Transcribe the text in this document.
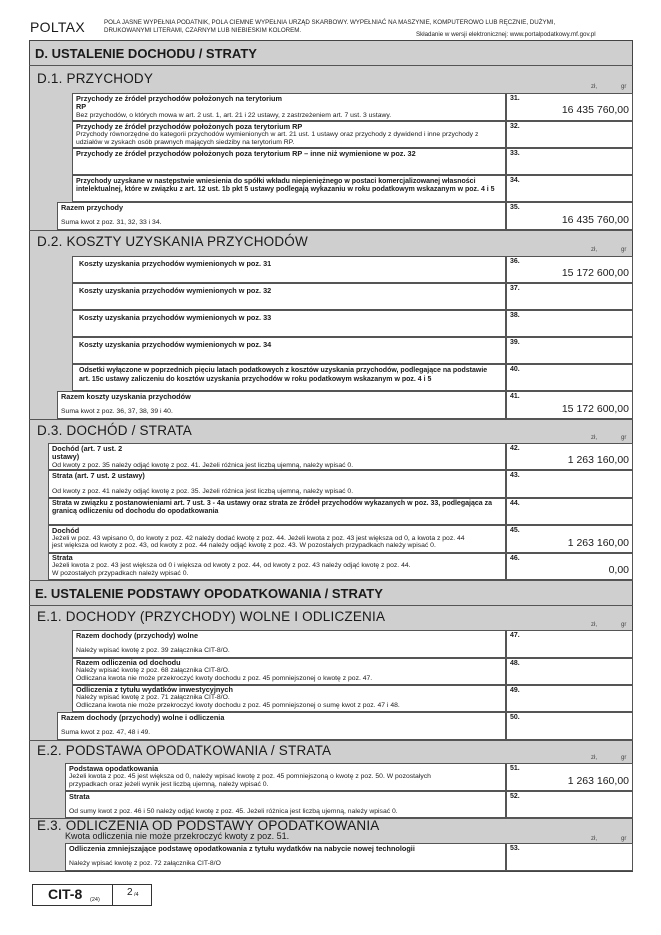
POLTAX	POLA JASNE WYPEŁNIA PODATNIK, POLA CIEMNE WYPEŁNIA URZĄD SKARBOWY. WYPEŁNIAĆ NA MASZYNIE, KOMPUTEROWO LUB RĘCZNIE, DUŻYMI,
DRUKOWANYMI LITERAMI, CZARNYM LUB NIEBIESKIM KOLOREM.
Składanie w wersji elektronicznej: www.portalpodatkowy.mf.gov.pl
D. USTALENIE DOCHODU / STRATY
D.1. PRZYCHODY
zł,	gr
Przychody ze źródeł przychodów położonych na terytorium
RP
Bez przychodów, o których mowa w art. 2 ust. 1, art. 21 i 22 ustawy, z zastrzeżeniem art. 7 ust. 3 ustawy.
31.
16 435 760,00
Przychody ze źródeł przychodów położonych poza terytorium RP
Przychody równorzędne do kategorii przychodów wymienionych w art. 21 ust. 1 ustawy oraz przychody z dywidend i inne przychody z udziałów w zyskach osób prawnych mających siedziby na terytorium RP.
32.
Przychody ze źródeł przychodów położonych poza terytorium RP – inne niż wymienione w poz. 32	33.
Przychody uzyskane w następstwie wniesienia do spółki wkładu niepieniężnego w postaci komercjalizowanej własności intelektualnej, które w związku z art. 12 ust. 1b pkt 5 ustawy podlegają wykazaniu w roku podatkowym wskazanym w poz. 4 i 5
34.
Razem przychody
Suma kwot z poz. 31, 32, 33 i 34.
35.
16 435 760,00
D.2. KOSZTY UZYSKANIA PRZYCHODÓW
zł,	gr
Koszty uzyskania przychodów wymienionych w poz. 31	36.
15 172 600,00
Koszty uzyskania przychodów wymienionych w poz. 32	37.
Koszty uzyskania przychodów wymienionych w poz. 33	38.
Koszty uzyskania przychodów wymienionych w poz. 34	39.
Odsetki wyłączone w poprzednich pięciu latach podatkowych z kosztów uzyskania przychodów, podlegające na podstawie art. 15c ustawy zaliczeniu do kosztów uzyskania przychodów w roku podatkowym wskazanym w poz. 4 i 5
40.
Razem koszty uzyskania przychodów
Suma kwot z poz. 36, 37, 38, 39 i 40.
41.
15 172 600,00
D.3. DOCHÓD / STRATA	zł,	gr
Dochód (art. 7 ust. 2
ustawy)
Od kwoty z poz. 35 należy odjąć kwotę z poz. 41. Jeżeli różnica jest liczbą ujemną, należy wpisać 0.
42.
1 263 160,00
Strata (art. 7 ust. 2 ustawy)
Od kwoty z poz. 41 należy odjąć kwotę z poz. 35. Jeżeli różnica jest liczbą ujemną, należy wpisać 0.
43.
Strata w związku z postanowieniami art. 7 ust. 3 - 4a ustawy oraz strata ze źródeł przychodów wykazanych w poz. 33, podlegająca za granicą odliczeniu od dochodu do opodatkowania
44.
Dochód
Jeżeli w poz. 43 wpisano 0, do kwoty z poz. 42 należy dodać kwotę z poz. 44. Jeżeli kwota z poz. 43 jest większa od 0, a kwota z poz. 44
jest większa od kwoty z poz. 43, od kwoty z poz. 44 należy odjąć kwotę z poz. 43. W pozostałych przypadkach należy wpisać 0.
45.
1 263 160,00
Strata
Jeżeli kwota z poz. 43 jest większa od 0 i większa od kwoty z poz. 44, od kwoty z poz. 43 należy odjąć kwotę z poz. 44.
W pozostałych przypadkach należy wpisać 0.
46.
0,00
E. USTALENIE PODSTAWY OPODATKOWANIA / STRATY
E.1. DOCHODY (PRZYCHODY) WOLNE I ODLICZENIA
zł,	gr
Razem dochody (przychody) wolne
Należy wpisać kwotę z poz. 39 załącznika CIT-8/O.
47.
Razem odliczenia od dochodu
Należy wpisać kwotę z poz. 68 załącznika CIT-8/O.
Odliczana kwota nie może przekroczyć kwoty dochodu z poz. 45 pomniejszonej o kwotę z poz. 47.
48.
Odliczenia z tytułu wydatków inwestycyjnych
Należy wpisać kwotę z poz. 71 załącznika CIT-8/O.
Odliczana kwota nie może przekroczyć kwoty dochodu z poz. 45 pomniejszonej o sumę kwot z poz. 47 i 48.
49.
Razem dochody (przychody) wolne i odliczenia
Suma kwot z poz. 47, 48 i 49.
50.
E.2. PODSTAWA OPODATKOWANIA / STRATA	zł,	gr
Podstawa opodatkowania
Jeżeli kwota z poz. 45 jest większa od 0, należy wpisać kwotę z poz. 45 pomniejszoną o kwotę z poz. 50. W pozostałych
przypadkach oraz jeżeli wynik jest liczbą ujemną, należy wpisać 0.
51.
1 263 160,00
Strata
Od sumy kwot z poz. 46 i 50 należy odjąć kwotę z poz. 45. Jeżeli różnica jest liczbą ujemną, należy wpisać 0.
52.
E.3. ODLICZENIA OD PODSTAWY OPODATKOWANIA
Kwota odliczenia nie może przekroczyć kwoty z poz. 51.	zł,	gr
Odliczenia zmniejszające podstawę opodatkowania z tytułu wydatków na nabycie nowej technologii
Należy wpisać kwotę z poz. 72 załącznika CIT-8/O
53.
CIT-8 (24)
2 /4
